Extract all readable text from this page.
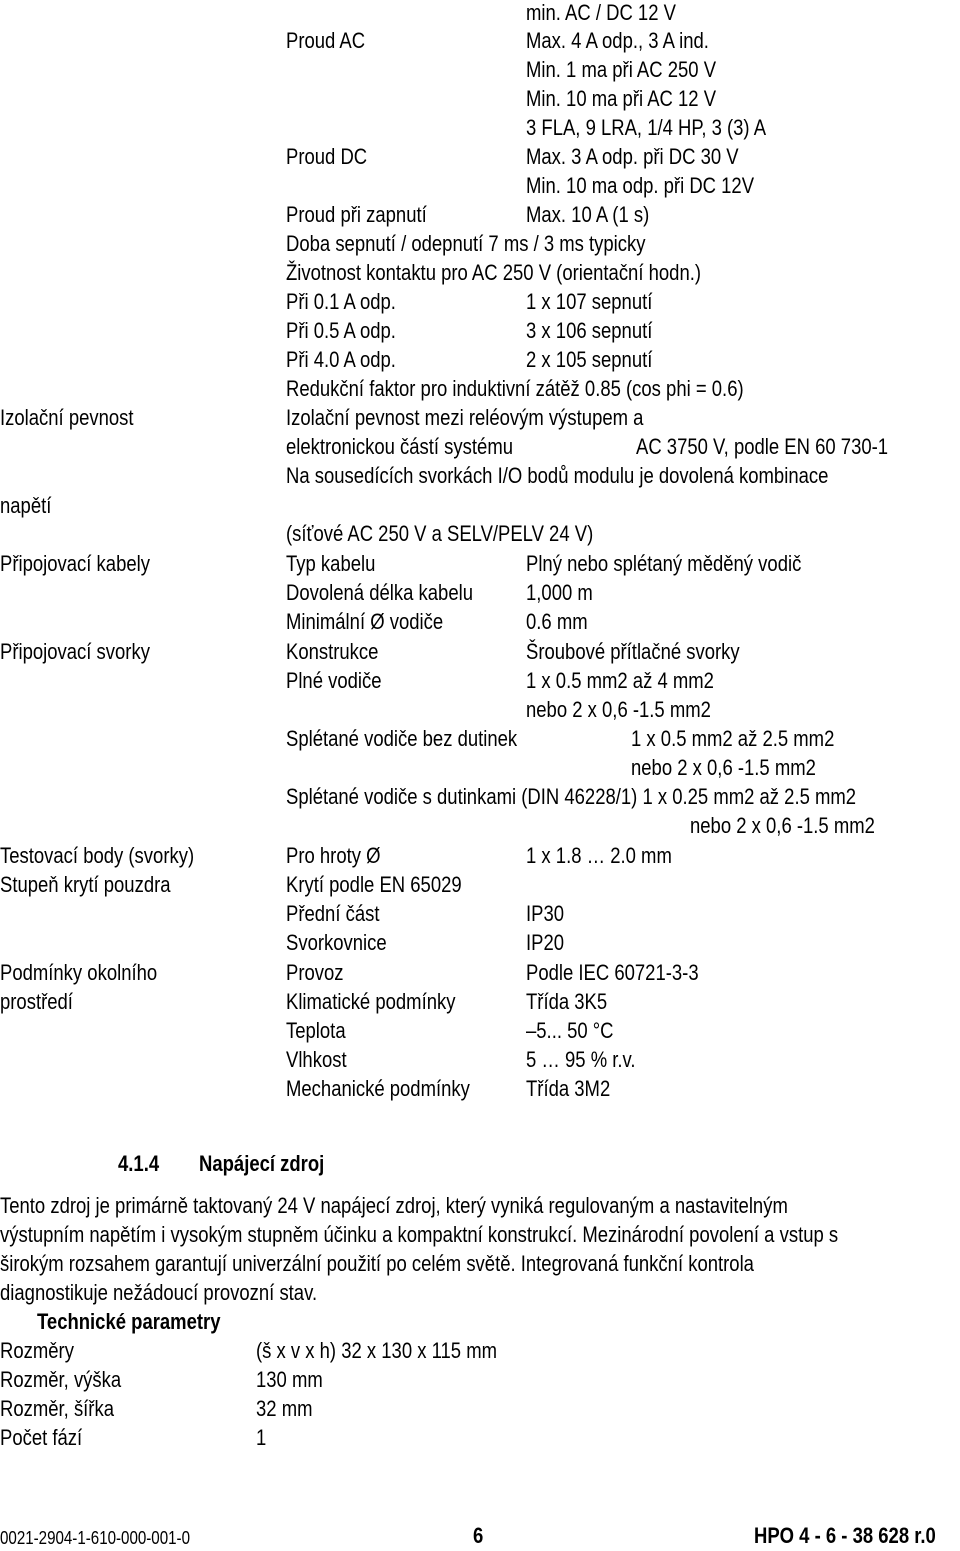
min. AC / DC 12 V
Proud AC	Max. 4 A odp., 3 A ind.
Min. 1 ma při AC 250 V
Min. 10 ma při AC 12 V
3 FLA, 9 LRA, 1/4 HP, 3 (3) A
Proud DC	Max. 3 A odp. při DC 30 V
Min. 10 ma odp. při DC 12V
Proud při zapnutí	Max. 10 A (1 s)
Doba sepnutí / odepnutí 7 ms / 3 ms typicky
Životnost kontaktu pro AC 250 V (orientační hodn.)
Při 0.1 A odp.	1 x 107 sepnutí
Při 0.5 A odp.	3 x 106 sepnutí
Při 4.0 A odp.	2 x 105 sepnutí
Redukční faktor pro induktivní zátěž 0.85 (cos phi = 0.6)
Izolační pevnost	Izolační pevnost mezi reléovým výstupem a
elektronickou částí systému	AC 3750 V, podle EN 60 730-1
Na sousedících svorkách I/O bodů modulu je dovolená kombinace
napětí
(síťové AC 250 V a SELV/PELV 24 V)
Připojovací kabely	Typ kabelu	Plný nebo splétaný měděný vodič
Dovolená délka kabelu 1,000 m
Minimální Ø vodiče	0.6 mm
Připojovací svorky	Konstrukce	Šroubové přítlačné svorky
Plné vodiče	1 x 0.5 mm2 až 4 mm2
nebo 2 x 0,6 -1.5 mm2
Splétané vodiče bez dutinek	1 x 0.5 mm2 až 2.5 mm2
nebo 2 x 0,6 -1.5 mm2
Splétané vodiče s dutinkami (DIN 46228/1) 1 x 0.25 mm2 až 2.5 mm2
nebo 2 x 0,6 -1.5 mm2
Testovací body (svorky)	Pro hroty Ø	1 x 1.8 … 2.0 mm
Stupeň krytí pouzdra	Krytí podle EN 65029
Přední část	IP30
Svorkovnice	IP20
Podmínky okolního
prostředí
Provoz	Podle IEC 60721-3-3
Klimatické podmínky	Třída 3K5
Teplota	–5... 50 °C
Vlhkost	5 … 95 % r.v.
Mechanické podmínky	Třída 3M2
4.1.4 Napájecí zdroj
Tento zdroj je primárně taktovaný 24 V napájecí zdroj, který vyniká regulovaným a nastavitelným
výstupním napětím i vysokým stupněm účinku a kompaktní konstrukcí. Mezinárodní povolení a vstup s
širokým rozsahem garantují univerzální použití po celém světě. Integrovaná funkční kontrola
diagnostikuje nežádoucí provozní stav.
Technické parametry
Rozměry	(š x v x h) 32 x 130 x 115 mm
Rozměr, výška	130 mm
Rozměr, šířka	32 mm
Počet fází	1
0021-2904-1-610-000-001-0	6	HPO 4 - 6 - 38 628 r.0
